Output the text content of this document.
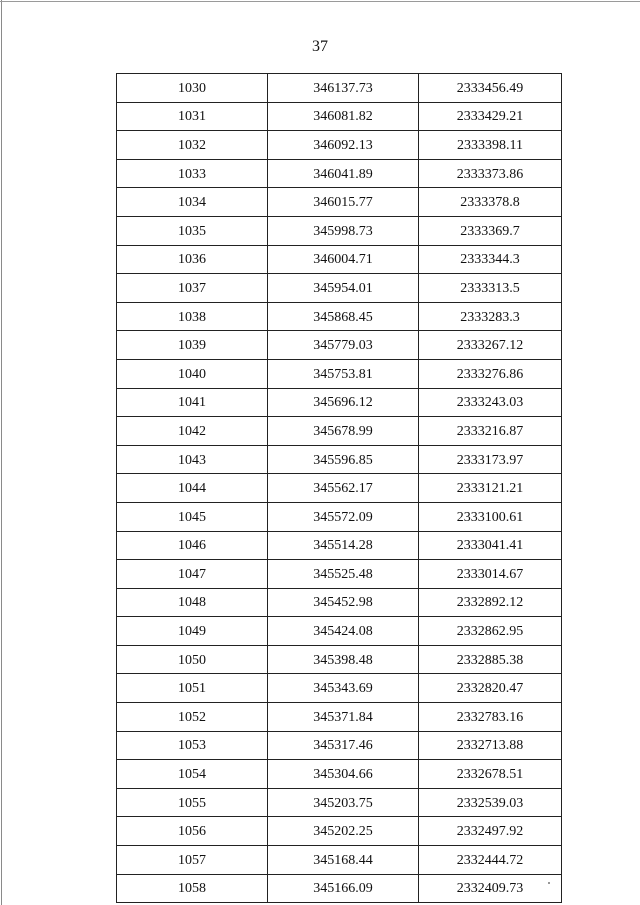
37
1030	346137.73	2333456.49
1031	346081.82	2333429.21
1032	346092.13	2333398.11
1033	346041.89	2333373.86
1034	346015.77	2333378.8
1035	345998.73	2333369.7
1036	346004.71	2333344.3
1037	345954.01	2333313.5
1038	345868.45	2333283.3
1039	345779.03	2333267.12
1040	345753.81	2333276.86
1041	345696.12	2333243.03
1042	345678.99	2333216.87
1043	345596.85	2333173.97
1044	345562.17	2333121.21
1045	345572.09	2333100.61
1046	345514.28	2333041.41
1047	345525.48	2333014.67
1048	345452.98	2332892.12
1049	345424.08	2332862.95
1050	345398.48	2332885.38
1051	345343.69	2332820.47
1052	345371.84	2332783.16
1053	345317.46	2332713.88
1054	345304.66	2332678.51
1055	345203.75	2332539.03
1056	345202.25	2332497.92
1057	345168.44	2332444.72
1058	345166.09	2332409.73
